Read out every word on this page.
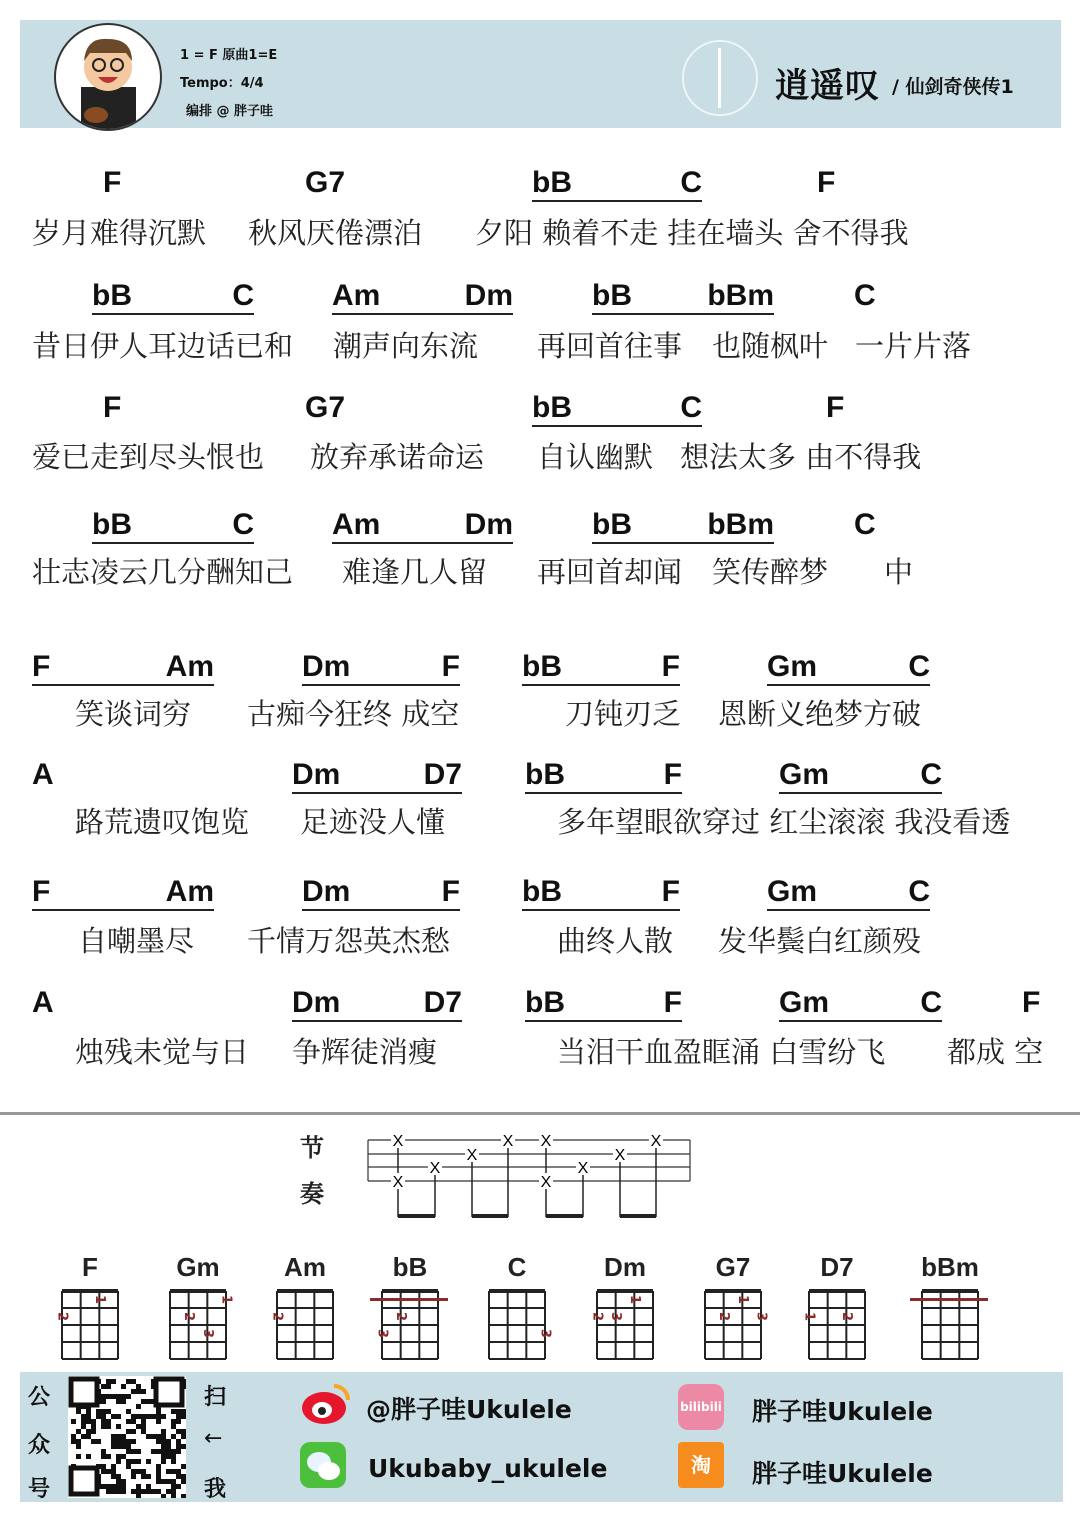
1 = F 原曲1=E
Tempo：4/4
编排 @ 胖子哇
逍遥叹 / 仙剑奇侠传1
F	G7	bB	C	F
岁月难得沉默 秋风厌倦漂泊 夕阳 赖着不走 挂在墙头 舍不得我
bB	C	Am	Dm	bB	bBm	C
昔日伊人耳边话已和 潮声向东流 再回首往事 也随枫叶 一片片落
F	G7	bB	C	F
爱已走到尽头恨也 放弃承诺命运 自认幽默 想法太多 由不得我
bB	C	Am	Dm	bB	bBm	C
壮志凌云几分酬知己 难逢几人留 再回首却闻 笑传醉梦 中
F	Am	Dm	F bB	F	Gm	C
笑谈词穷 古痴今狂终 成空	刀钝刃乏 恩断义绝梦方破
A	Dm	D7 bB	F	Gm	C
路荒遗叹饱览 足迹没人懂	多年望眼欲穿过 红尘滚滚 我没看透
F	Am	Dm	F bB	F	Gm	C
自嘲墨尽 千情万怨英杰愁	曲终人散 发华鬓白红颜殁
A	Dm	D7 bB	F	Gm	C	F
烛残未觉与日 争辉徒消瘦	当泪干血盈眶涌 白雪纷飞 都成 空
节
奏
X
X
X
X
X X
X
X
X
X
F
2
1
Gm
2
3
1
Am
2
bB
2
3
C
3
Dm
2 3
1
G7
2
1
3
D7
1 2
bBm
公
众
号
扫
←
我
@胖子哇Ukulele
Ukubaby_ukulele
bilibili 胖子哇Ukulele
淘	胖子哇Ukulele
